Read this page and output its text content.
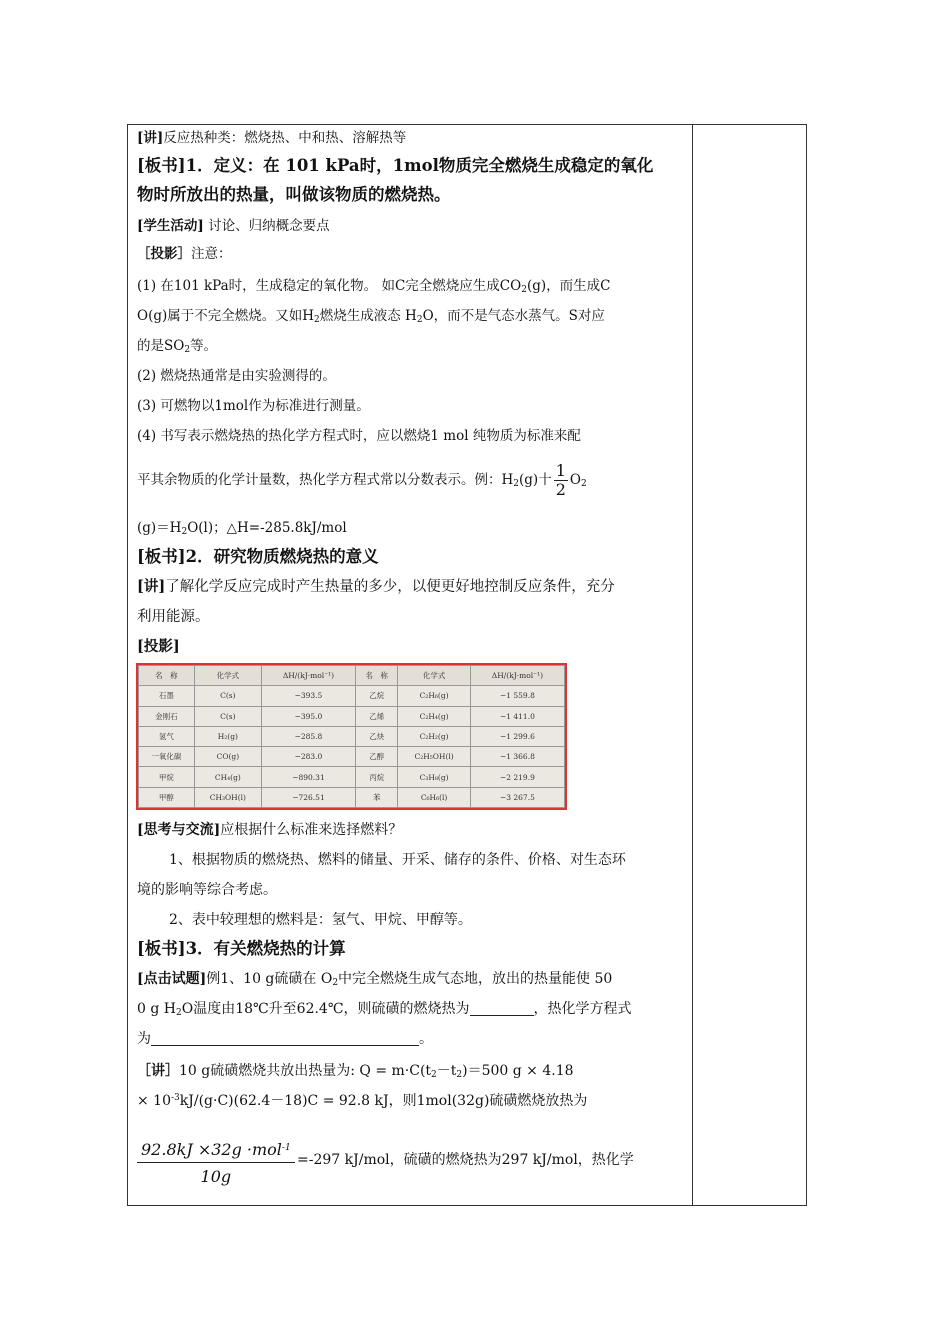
[讲]反应热种类：燃烧热、中和热、溶解热等
[板书]1．定义：在 101 kPa时，1mol物质完全燃烧生成稳定的氧化
物时所放出的热量，叫做该物质的燃烧热。
[学生活动] 讨论、归纳概念要点
［投影］注意：
(1) 在101 kPa时，生成稳定的氧化物。 如C完全燃烧应生成$CO_2(g)$，而生成C
O(g)属于不完全燃烧。又如$H_2$燃烧生成液态 $H_2O$，而不是气态水蒸气。S对应
的是$SO_2$等。
(2) 燃烧热通常是由实验测得的。
(3) 可燃物以1mol作为标准进行测量。
(4) 书写表示燃烧热的热化学方程式时，应以燃烧1 mol 纯物质为标准来配
平其余物质的化学计量数，热化学方程式常以分数表示。例：$H_2(g)$十 $\frac{1}{2} O_2$
$(g)=H_2O(l)$；△H=-285.8kJ/mol
[板书]2．研究物质燃烧热的意义
[讲]了解化学反应完成时产生热量的多少，以便更好地控制反应条件，充分
利用能源。
[投影]
[思考与交流]应根据什么标准来选择燃料？
1、根据物质的燃烧热、燃料的储量、开采、储存的条件、价格、对生态环
境的影响等综合考虑。
2、表中较理想的燃料是：氢气、甲烷、甲醇等。
[板书]3．有关燃烧热的计算
[点击试题]例1、10 g硫磺在 $O_2$中完全燃烧生成气态地，放出的热量能使 50
0 g $H_2O$温度由18℃升至62.4℃，则硫磺的燃烧热为	，热化学方程式
为	。
［讲］10 g硫磺燃烧共放出热量为: $Q = m\cdot C(t_2-t_2)=500$ g × 4.18
× $10^{-3}kJ/(g\cdot C)(62.4-18)C = 92.8$ kJ，则1mol(32g)硫磺燃烧放热为
92.8kJ ×32g ·mol$^{-1}$
10g
=-297 kJ/mol，硫磺的燃烧热为297 kJ/mol，热化学
名　称	化学式	ΔH/(kJ·mol⁻¹)	名　称	化学式	ΔH/(kJ·mol⁻¹)
石墨	C(s)	−393.5	乙烷	C₂H₆(g)	−1 559.8
金刚石	C(s)	−395.0	乙烯	C₂H₄(g)	−1 411.0
氢气	H₂(g)	−285.8	乙炔	C₂H₂(g)	−1 299.6
一氧化碳	CO(g)	−283.0	乙醇	C₂H₅OH(l)	−1 366.8
甲烷	CH₄(g)	−890.31	丙烷	C₃H₈(g)	−2 219.9
甲醇	CH₃OH(l)	−726.51	苯	C₆H₆(l)	−3 267.5
